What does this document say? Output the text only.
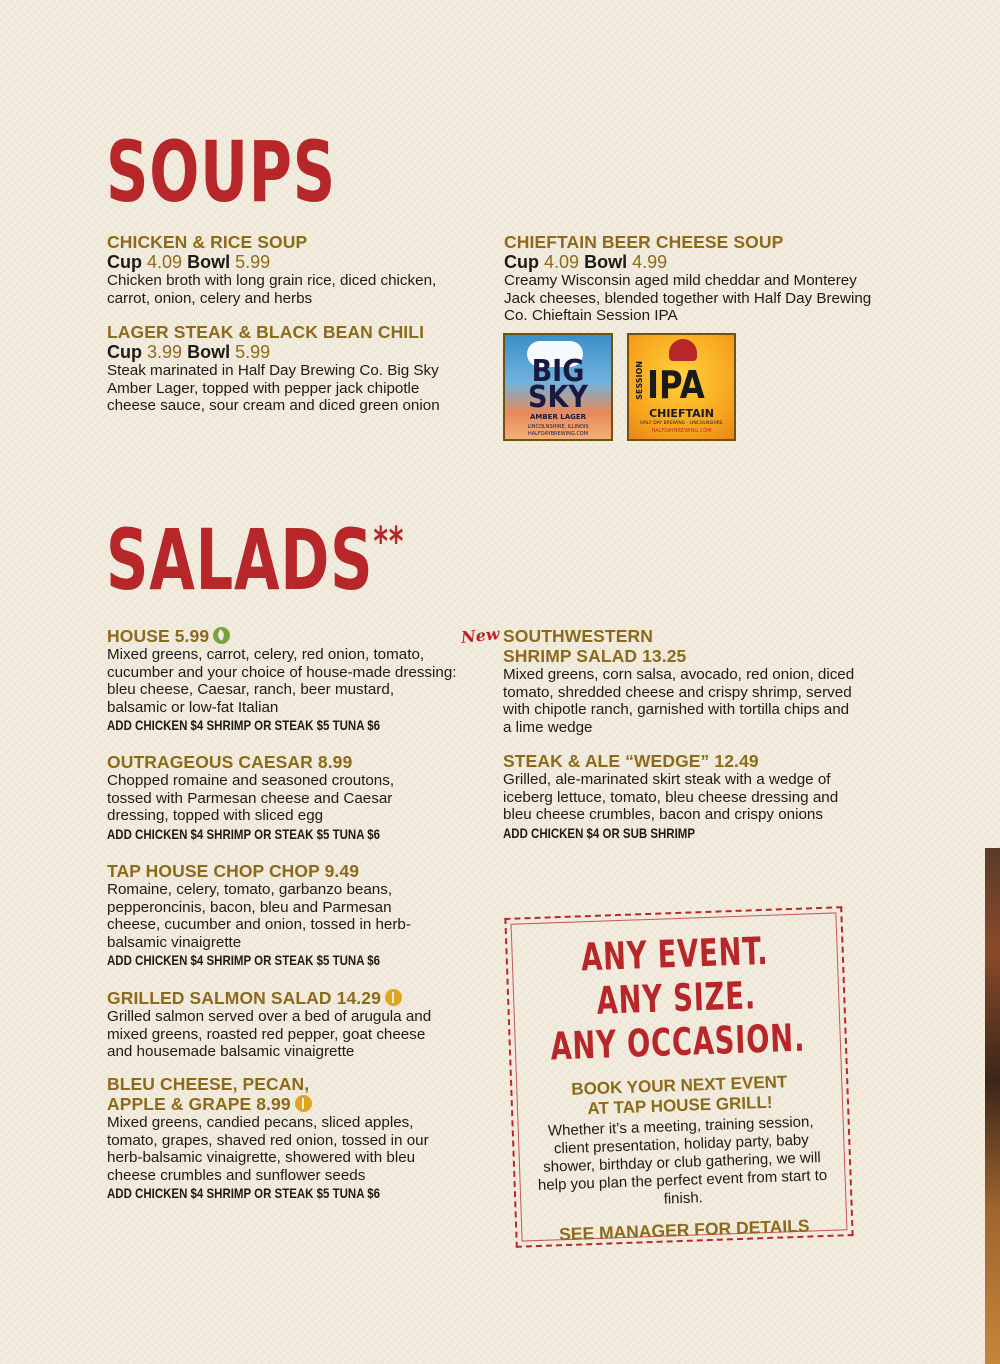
SOUPS
CHICKEN & RICE SOUP
Cup 4.09 Bowl 5.99
Chicken broth with long grain rice, diced chicken, carrot, onion, celery and herbs
LAGER STEAK & BLACK BEAN CHILI
Cup 3.99 Bowl 5.99
Steak marinated in Half Day Brewing Co. Big Sky Amber Lager, topped with pepper jack chipotle cheese sauce, sour cream and diced green onion
CHIEFTAIN BEER CHEESE SOUP
Cup 4.09 Bowl 4.99
Creamy Wisconsin aged mild cheddar and Monterey Jack cheeses, blended together with Half Day Brewing Co. Chieftain Session IPA
BIG
SKY
AMBER LAGER
LINCOLNSHIRE, ILLINOIS
HALFDAYBREWING.COM
SESSION IPA
CHIEFTAIN
HALF DAY BREWING · LINCOLNSHIRE
HALFDAYBREWING.COM
SALADS**
HOUSE 5.99
Mixed greens, carrot, celery, red onion, tomato, cucumber and your choice of house-made dressing: bleu cheese, Caesar, ranch, beer mustard, balsamic or low-fat Italian
ADD CHICKEN $4 SHRIMP OR STEAK $5 TUNA $6
OUTRAGEOUS CAESAR 8.99
Chopped romaine and seasoned croutons, tossed with Parmesan cheese and Caesar dressing, topped with sliced egg
ADD CHICKEN $4 SHRIMP OR STEAK $5 TUNA $6
TAP HOUSE CHOP CHOP 9.49
Romaine, celery, tomato, garbanzo beans, pepperoncinis, bacon, bleu and Parmesan cheese, cucumber and onion, tossed in herb-balsamic vinaigrette
ADD CHICKEN $4 SHRIMP OR STEAK $5 TUNA $6
GRILLED SALMON SALAD 14.29
Grilled salmon served over a bed of arugula and mixed greens, roasted red pepper, goat cheese and housemade balsamic vinaigrette
BLEU CHEESE, PECAN,
APPLE & GRAPE 8.99
Mixed greens, candied pecans, sliced apples, tomato, grapes, shaved red onion, tossed in our herb-balsamic vinaigrette, showered with bleu cheese crumbles and sunflower seeds
ADD CHICKEN $4 SHRIMP OR STEAK $5 TUNA $6
New SOUTHWESTERN
SHRIMP SALAD 13.25
Mixed greens, corn salsa, avocado, red onion, diced tomato, shredded cheese and crispy shrimp, served with chipotle ranch, garnished with tortilla chips and a lime wedge
STEAK & ALE “WEDGE” 12.49
Grilled, ale-marinated skirt steak with a wedge of iceberg lettuce, tomato, bleu cheese dressing and bleu cheese crumbles, bacon and crispy onions
ADD CHICKEN $4 OR SUB SHRIMP
ANY EVENT.
ANY SIZE.
ANY OCCASION.
BOOK YOUR NEXT EVENT
AT TAP HOUSE GRILL!
Whether it’s a meeting, training session, client presentation, holiday party, baby shower, birthday or club gathering, we will help you plan the perfect event from start to finish.
SEE MANAGER FOR DETAILS
